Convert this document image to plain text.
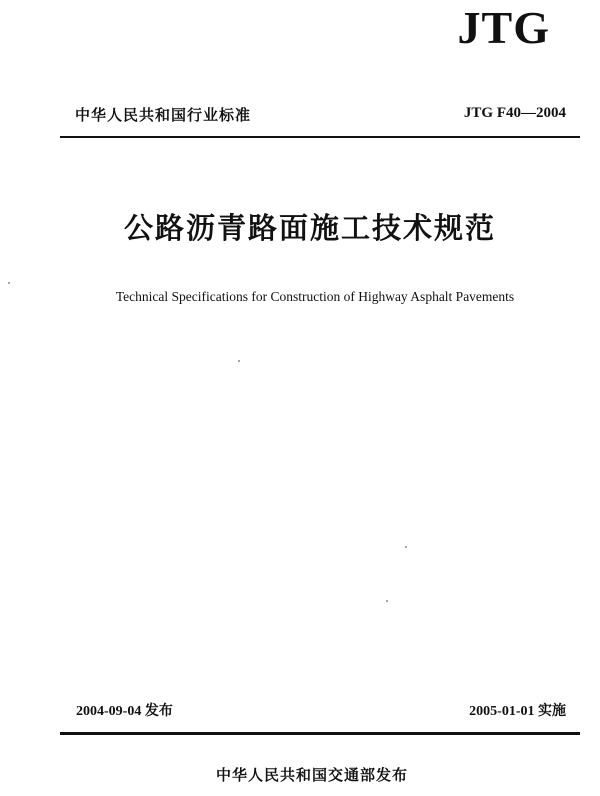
JTG
中华人民共和国行业标准	JTG F40—2004
公路沥青路面施工技术规范
Technical Specifications for Construction of Highway Asphalt Pavements
2004-09-04 发布	2005-01-01 实施
中华人民共和国交通部发布
